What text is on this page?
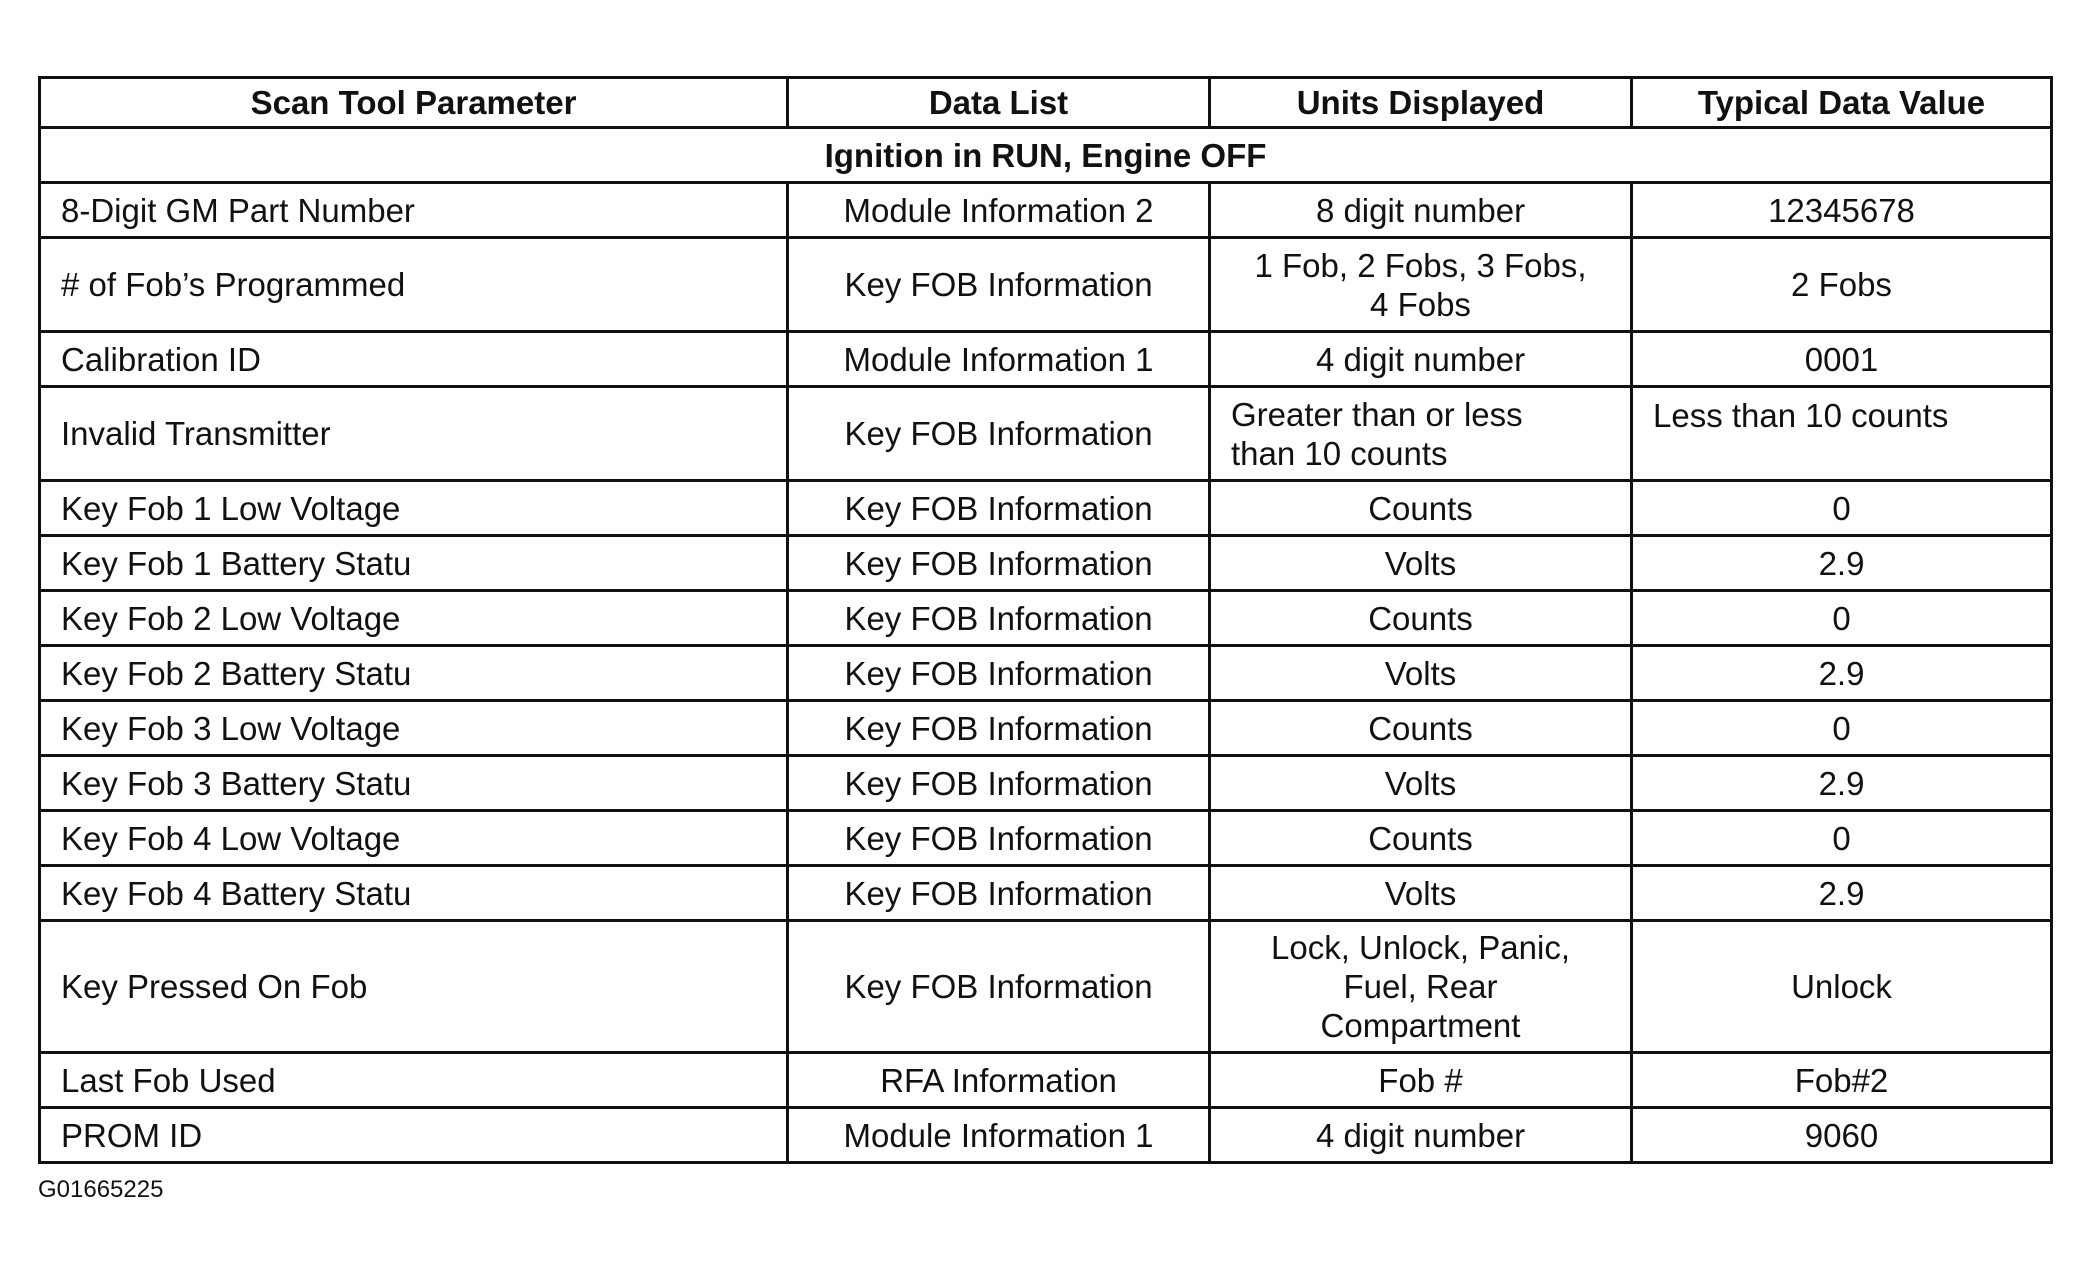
Scan Tool Parameter	Data List	Units Displayed	Typical Data Value
Ignition in RUN, Engine OFF			
8-Digit GM Part Number	Module Information 2	8 digit number	12345678
# of Fob’s Programmed	Key FOB Information	1 Fob, 2 Fobs, 3 Fobs, 4 Fobs	2 Fobs
Calibration ID	Module Information 1	4 digit number	0001
Invalid Transmitter	Key FOB Information	Greater than or less than 10 counts	Less than 10 counts
Key Fob 1 Low Voltage	Key FOB Information	Counts	0
Key Fob 1 Battery Statu	Key FOB Information	Volts	2.9
Key Fob 2 Low Voltage	Key FOB Information	Counts	0
Key Fob 2 Battery Statu	Key FOB Information	Volts	2.9
Key Fob 3 Low Voltage	Key FOB Information	Counts	0
Key Fob 3 Battery Statu	Key FOB Information	Volts	2.9
Key Fob 4 Low Voltage	Key FOB Information	Counts	0
Key Fob 4 Battery Statu	Key FOB Information	Volts	2.9
Key Pressed On Fob	Key FOB Information	Lock, Unlock, Panic, Fuel, Rear Compartment	Unlock
Last Fob Used	RFA Information	Fob #	Fob#2
PROM ID	Module Information 1	4 digit number	9060
G01665225
